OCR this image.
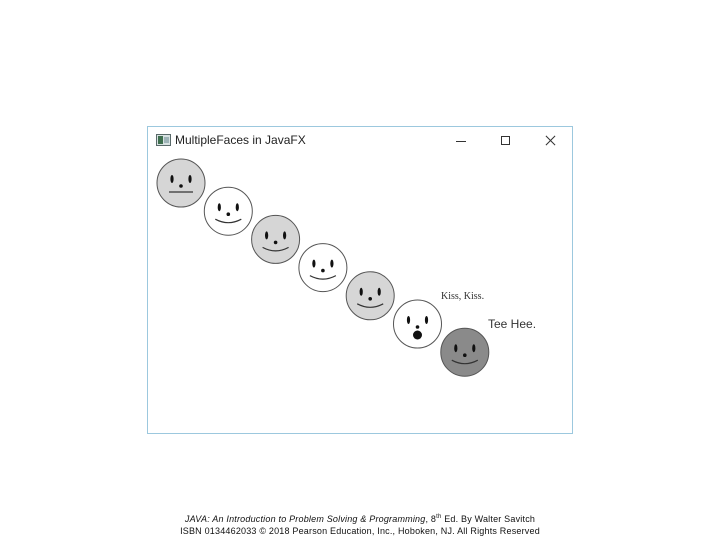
MultipleFaces in JavaFX
Kiss, Kiss.
Tee Hee.
JAVA: An Introduction to Problem Solving & Programming, 8th Ed. By Walter Savitch
ISBN 0134462033 © 2018 Pearson Education, Inc., Hoboken, NJ. All Rights Reserved
